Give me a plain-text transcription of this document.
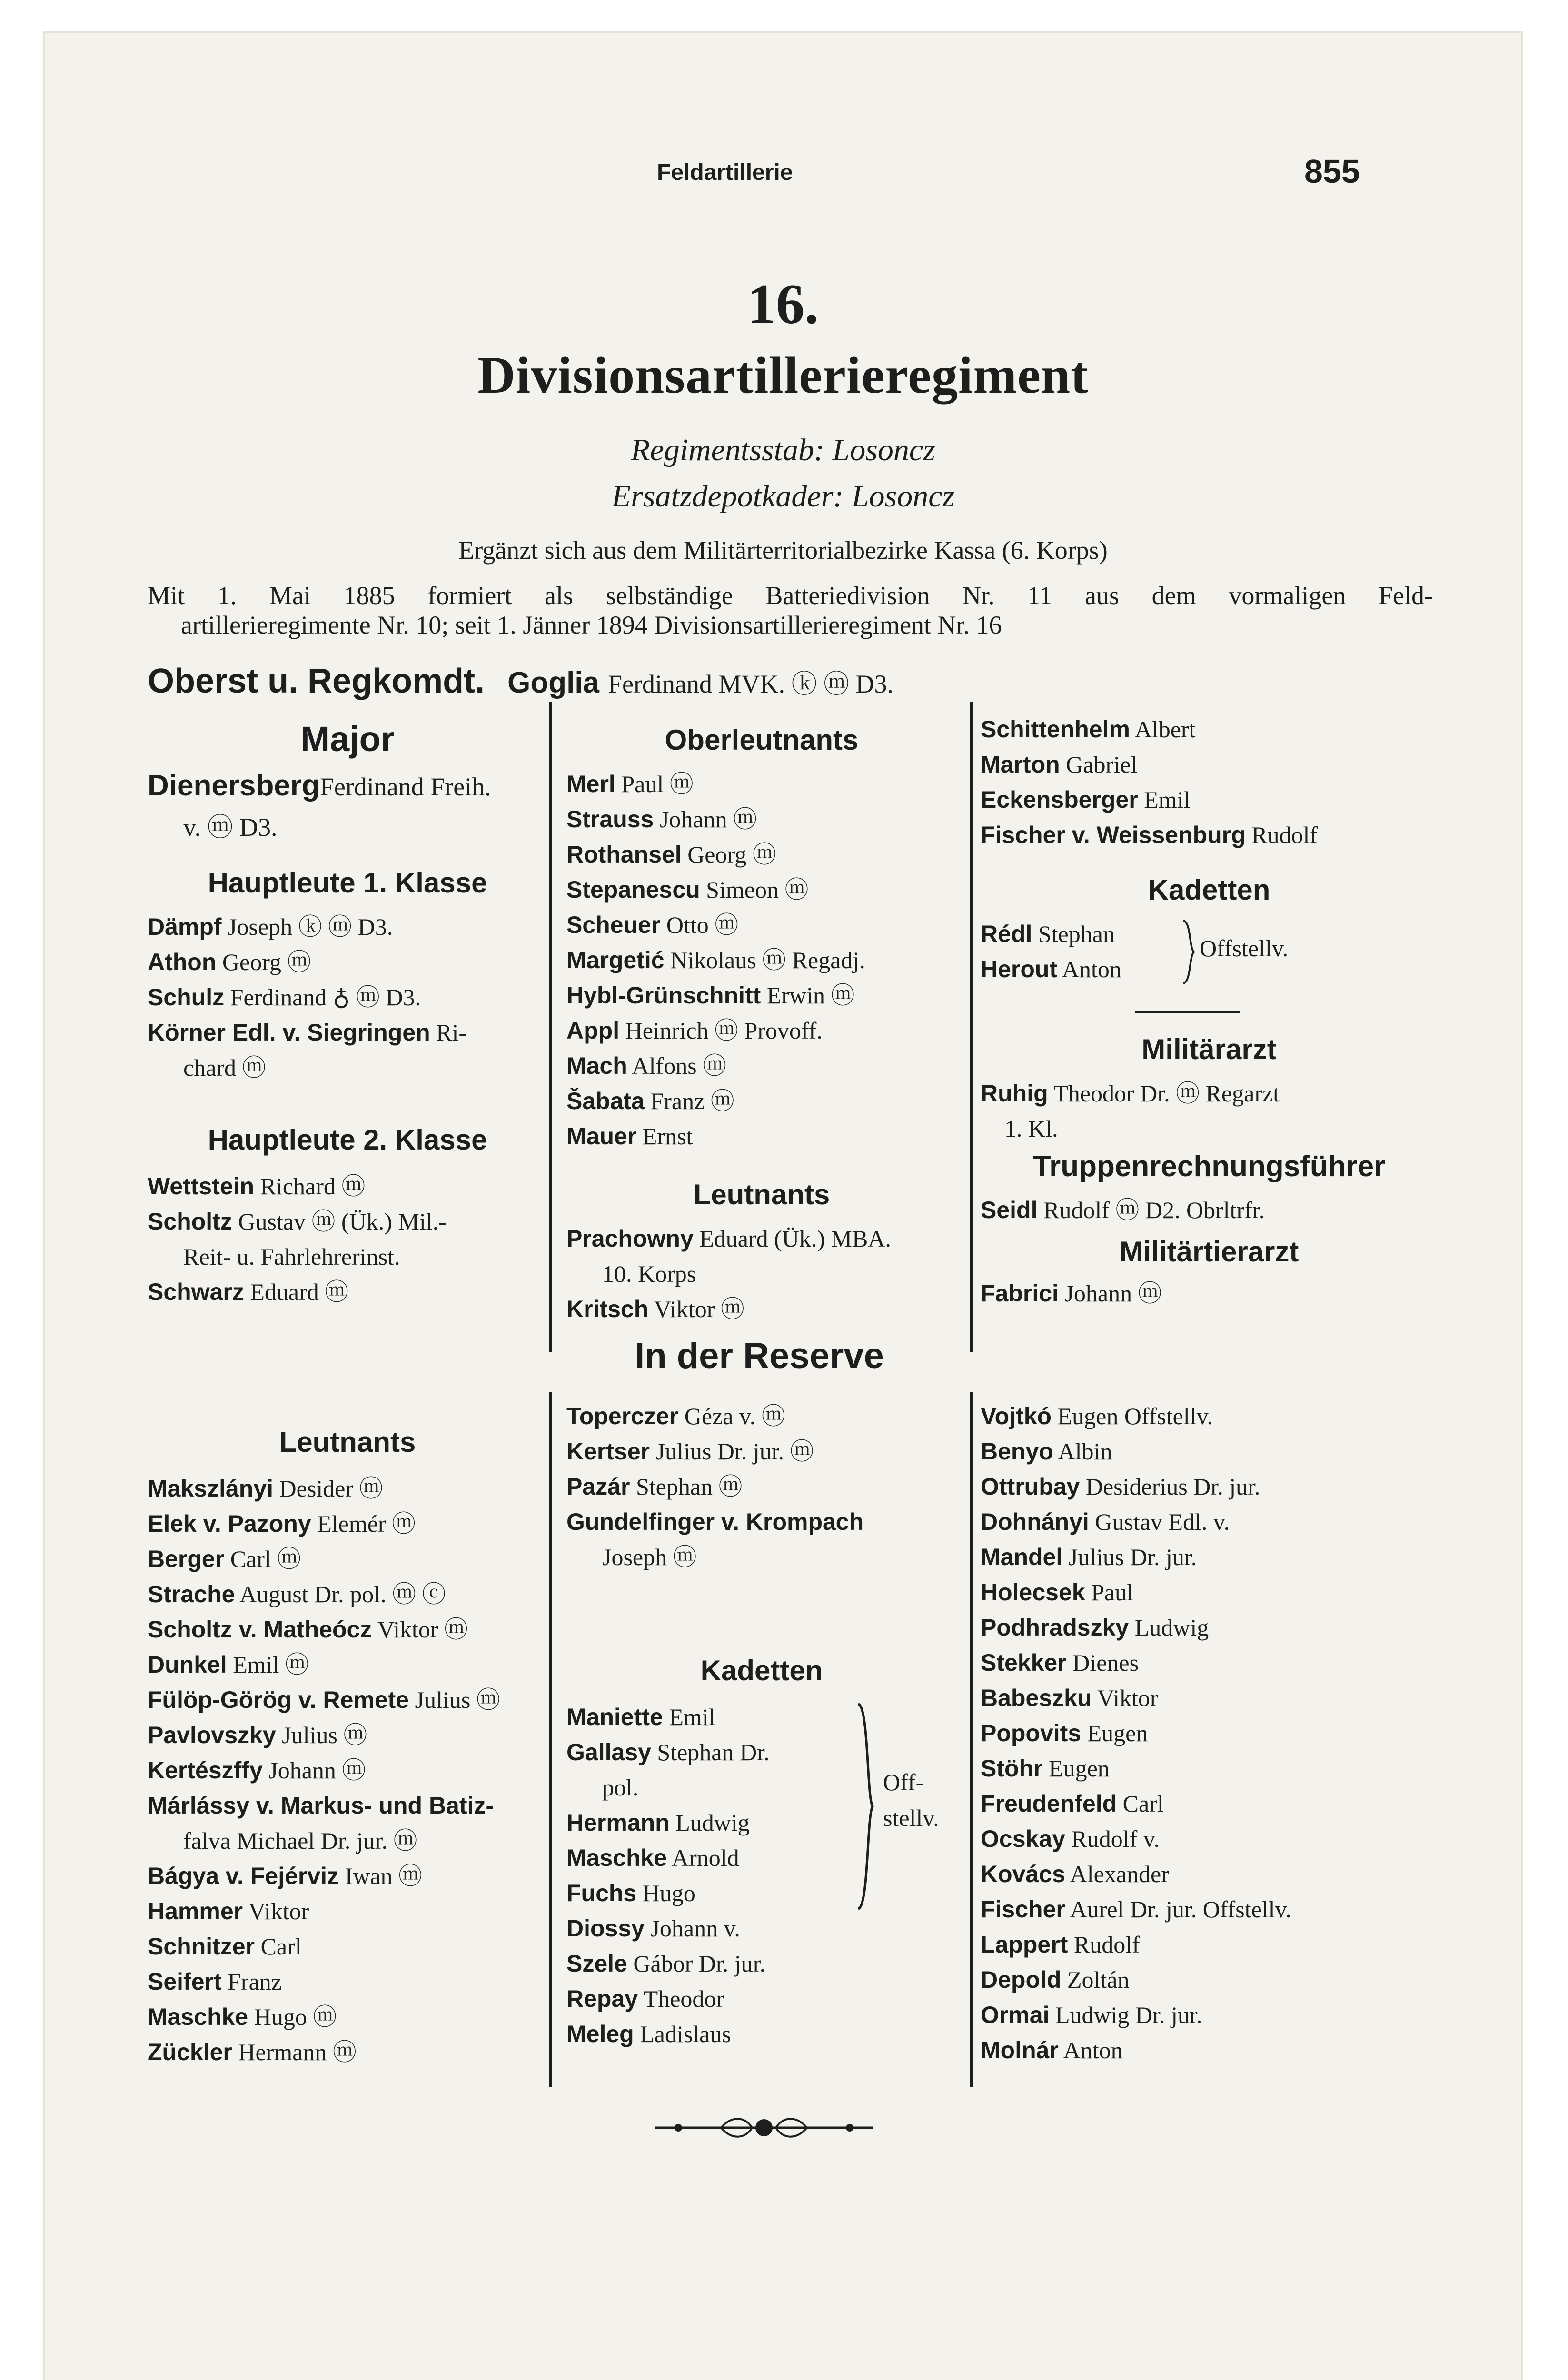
Feldartillerie	855
16.
Divisionsartillerieregiment
Regimentsstab: Losoncz
Ersatzdepotkader: Losoncz
Ergänzt sich aus dem Militärterritorialbezirke Kassa (6. Korps)
Mit 1. Mai 1885 formiert als selbständige Batteriedivision Nr. 11 aus dem vormaligen Feld-
artillerieregimente Nr. 10; seit 1. Jänner 1894 Divisionsartillerieregiment Nr. 16
Oberst u. Regkomdt. Goglia Ferdinand MVK. ⓚ ⓜ D3.
Major
DienersbergFerdinand Freih.
v. ⓜ D3.
Hauptleute 1. Klasse
Dämpf Joseph ⓚ ⓜ D3.
Athon Georg ⓜ
Schulz Ferdinand ♁ ⓜ D3.
Körner Edl. v. Siegringen Ri-
chard ⓜ
Hauptleute 2. Klasse
Wettstein Richard ⓜ
Scholtz Gustav ⓜ (Ük.) Mil.-
Reit- u. Fahrlehrerinst.
Schwarz Eduard ⓜ
Leutnants
Makszlányi Desider ⓜ
Elek v. Pazony Elemér ⓜ
Berger Carl ⓜ
Strache August Dr. pol. ⓜ ⓒ
Scholtz v. Matheócz Viktor ⓜ
Dunkel Emil ⓜ
Fülöp-Görög v. Remete Julius ⓜ
Pavlovszky Julius ⓜ
Kertészffy Johann ⓜ
Márlássy v. Markus- und Batiz-
falva Michael Dr. jur. ⓜ
Bágya v. Fejérviz Iwan ⓜ
Hammer Viktor
Schnitzer Carl
Seifert Franz
Maschke Hugo ⓜ
Zückler Hermann ⓜ
Oberleutnants
Merl Paul ⓜ
Strauss Johann ⓜ
Rothansel Georg ⓜ
Stepanescu Simeon ⓜ
Scheuer Otto ⓜ
Margetić Nikolaus ⓜ Regadj.
Hybl-Grünschnitt Erwin ⓜ
Appl Heinrich ⓜ Provoff.
Mach Alfons ⓜ
Šabata Franz ⓜ
Mauer Ernst
Leutnants
Prachowny Eduard (Ük.) MBA.
10. Korps
Kritsch Viktor ⓜ
In der Reserve
Toperczer Géza v. ⓜ
Kertser Julius Dr. jur. ⓜ
Pazár Stephan ⓜ
Gundelfinger v. Krompach
Joseph ⓜ
Kadetten
Maniette Emil
Gallasy Stephan Dr.
pol.
Hermann Ludwig
Maschke Arnold
Fuchs Hugo
Off-
stellv.
Diossy Johann v.
Szele Gábor Dr. jur.
Repay Theodor
Meleg Ladislaus
Schittenhelm Albert
Marton Gabriel
Eckensberger Emil
Fischer v. Weissenburg Rudolf
Kadetten
Rédl Stephan
Herout Anton
Offstellv.
Militärarzt
Ruhig Theodor Dr. ⓜ Regarzt
1. Kl.
Truppenrechnungsführer
Seidl Rudolf ⓜ D2. Obrltrfr.
Militärtierarzt
Fabrici Johann ⓜ
Vojtkó Eugen Offstellv.
Benyo Albin
Ottrubay Desiderius Dr. jur.
Dohnányi Gustav Edl. v.
Mandel Julius Dr. jur.
Holecsek Paul
Podhradszky Ludwig
Stekker Dienes
Babeszku Viktor
Popovits Eugen
Stöhr Eugen
Freudenfeld Carl
Ocskay Rudolf v.
Kovács Alexander
Fischer Aurel Dr. jur. Offstellv.
Lappert Rudolf
Depold Zoltán
Ormai Ludwig Dr. jur.
Molnár Anton
